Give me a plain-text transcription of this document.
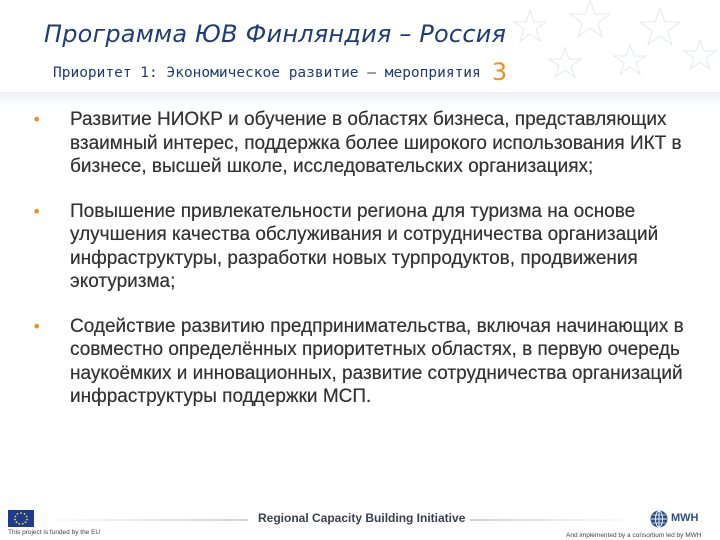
Программа ЮВ Финляндия – Россия
Приоритет 1: Экономическое развитие – мероприятия 3
•	Развитие НИОКР и обучение в областях бизнеса, представляющих взаимный интерес, поддержка более широкого использования ИКТ в бизнесе, высшей школе, исследовательских организациях;
•	Повышение привлекательности региона для туризма на основе улучшения качества обслуживания и сотрудничества организаций инфраструктуры, разработки новых турпродуктов, продвижения экотуризма;
•	Содействие развитию предпринимательства, включая начинающих в совместно определённых приоритетных областях, в первую очередь наукоёмких и инновационных, развитие сотрудничества организаций инфраструктуры поддержки МСП.
This project is funded by the EU
Regional Capacity Building Initiative	MWH
And implemented by a consortium led by MWH
